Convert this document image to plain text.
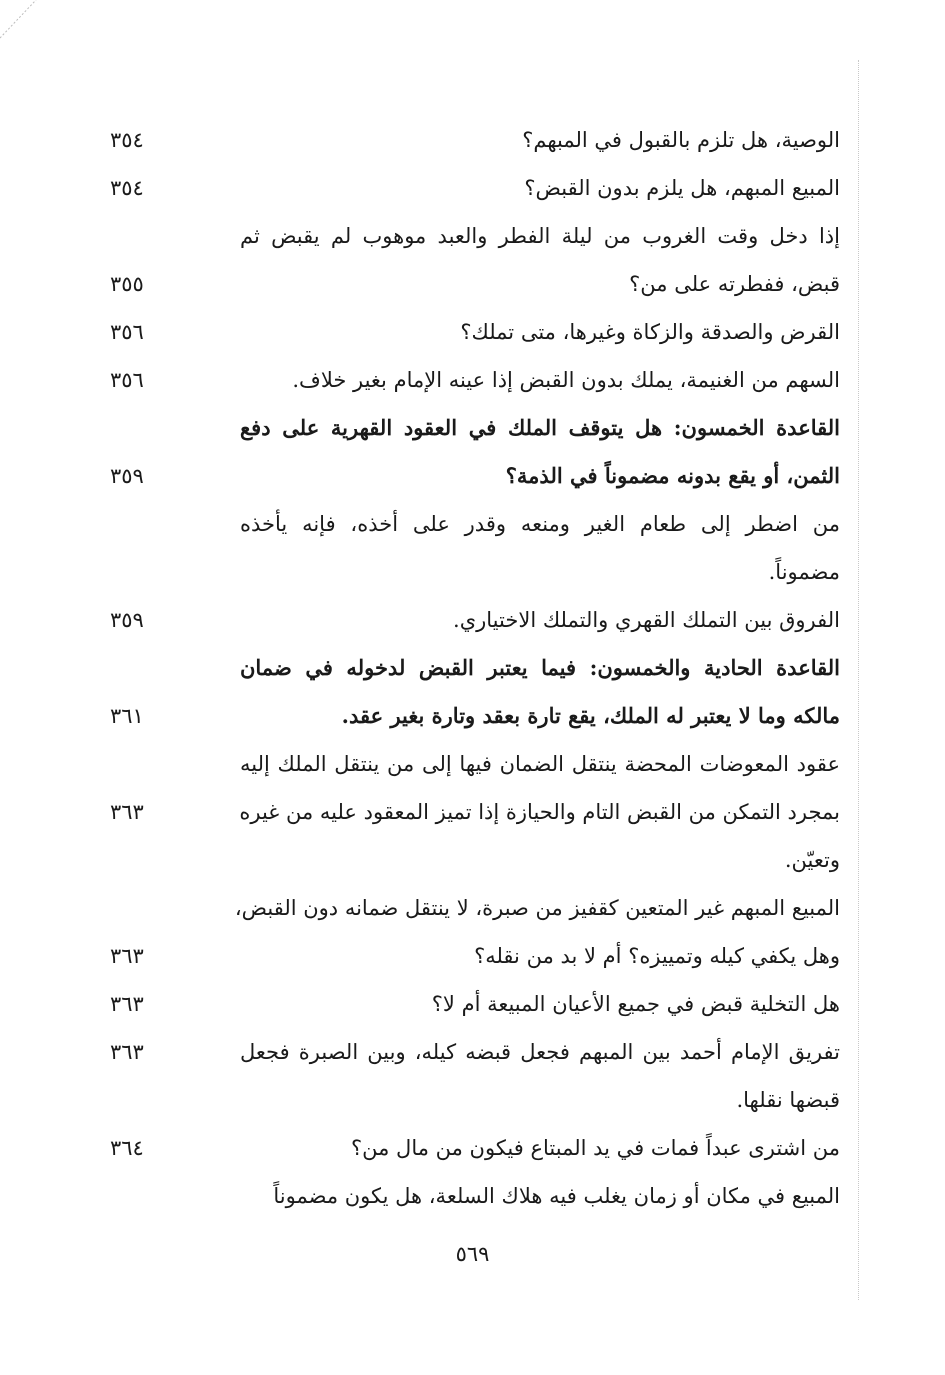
الوصية، هل تلزم بالقبول في المبهم؟
٣٥٤
المبيع المبهم، هل يلزم بدون القبض؟
٣٥٤
إذا دخل وقت الغروب من ليلة الفطر والعبد موهوب لم يقبض ثم
قبض، ففطرته على من؟
٣٥٥
القرض والصدقة والزكاة وغيرها، متى تملك؟
٣٥٦
السهم من الغنيمة، يملك بدون القبض إذا عينه الإمام بغير خلاف.
٣٥٦
القاعدة الخمسون: هل يتوقف الملك في العقود القهرية على دفع
الثمن، أو يقع بدونه مضموناً في الذمة؟
٣٥٩
من اضطر إلى طعام الغير ومنعه وقدر على أخذه، فإنه يأخذه
مضموناً.
الفروق بين التملك القهري والتملك الاختياري.
٣٥٩
القاعدة الحادية والخمسون: فيما يعتبر القبض لدخوله في ضمان
مالكه وما لا يعتبر له الملك، يقع تارة بعقد وتارة بغير عقد.
٣٦١
عقود المعوضات المحضة ينتقل الضمان فيها إلى من ينتقل الملك إليه
بمجرد التمكن من القبض التام والحيازة إذا تميز المعقود عليه من غيره
وتعيّن.
٣٦٣
المبيع المبهم غير المتعين كقفيز من صبرة، لا ينتقل ضمانه دون القبض،
وهل يكفي كيله وتمييزه؟ أم لا بد من نقله؟
٣٦٣
هل التخلية قبض في جميع الأعيان المبيعة أم لا؟
٣٦٣
تفريق الإمام أحمد بين المبهم فجعل قبضه كيله، وبين الصبرة فجعل
قبضها نقلها.
٣٦٣
من اشترى عبداً فمات في يد المبتاع فيكون من مال من؟
٣٦٤
المبيع في مكان أو زمان يغلب فيه هلاك السلعة، هل يكون مضموناً
٥٦٩
